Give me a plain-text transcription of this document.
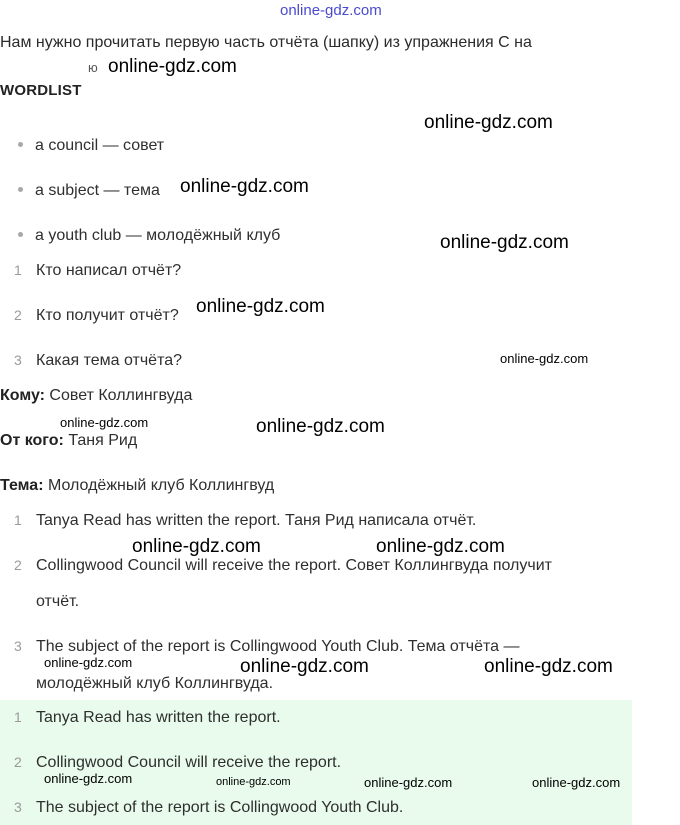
Нам нужно прочитать первую часть отчёта (шапку) из упражнения С на
ю
WORDLIST
a council — совет
a subject — тема
a youth club — молодёжный клуб
1 Кто написал отчёт?
2 Кто получит отчёт?
3 Какая тема отчёта?
Кому: Совет Коллингвуда
От кого: Таня Рид
Тема: Молодёжный клуб Коллингвуд
1 Tanya Read has written the report. Таня Рид написала отчёт.
2 Collingwood Council will receive the report. Совет Коллингвуда получит
отчёт.
3 The subject of the report is Collingwood Youth Club. Тема отчёта —
молодёжный клуб Коллингвуда.
1 Tanya Read has written the report.
2 Collingwood Council will receive the report.
3 The subject of the report is Collingwood Youth Club.
online-gdz.com
online-gdz.com
online-gdz.com
online-gdz.com
online-gdz.com
online-gdz.com
online-gdz.com
online-gdz.com	online-gdz.com
online-gdz.com	online-gdz.com
online-gdz.com	online-gdz.com	online-gdz.com
online-gdz.com	online-gdz.com	online-gdz.com	online-gdz.com
